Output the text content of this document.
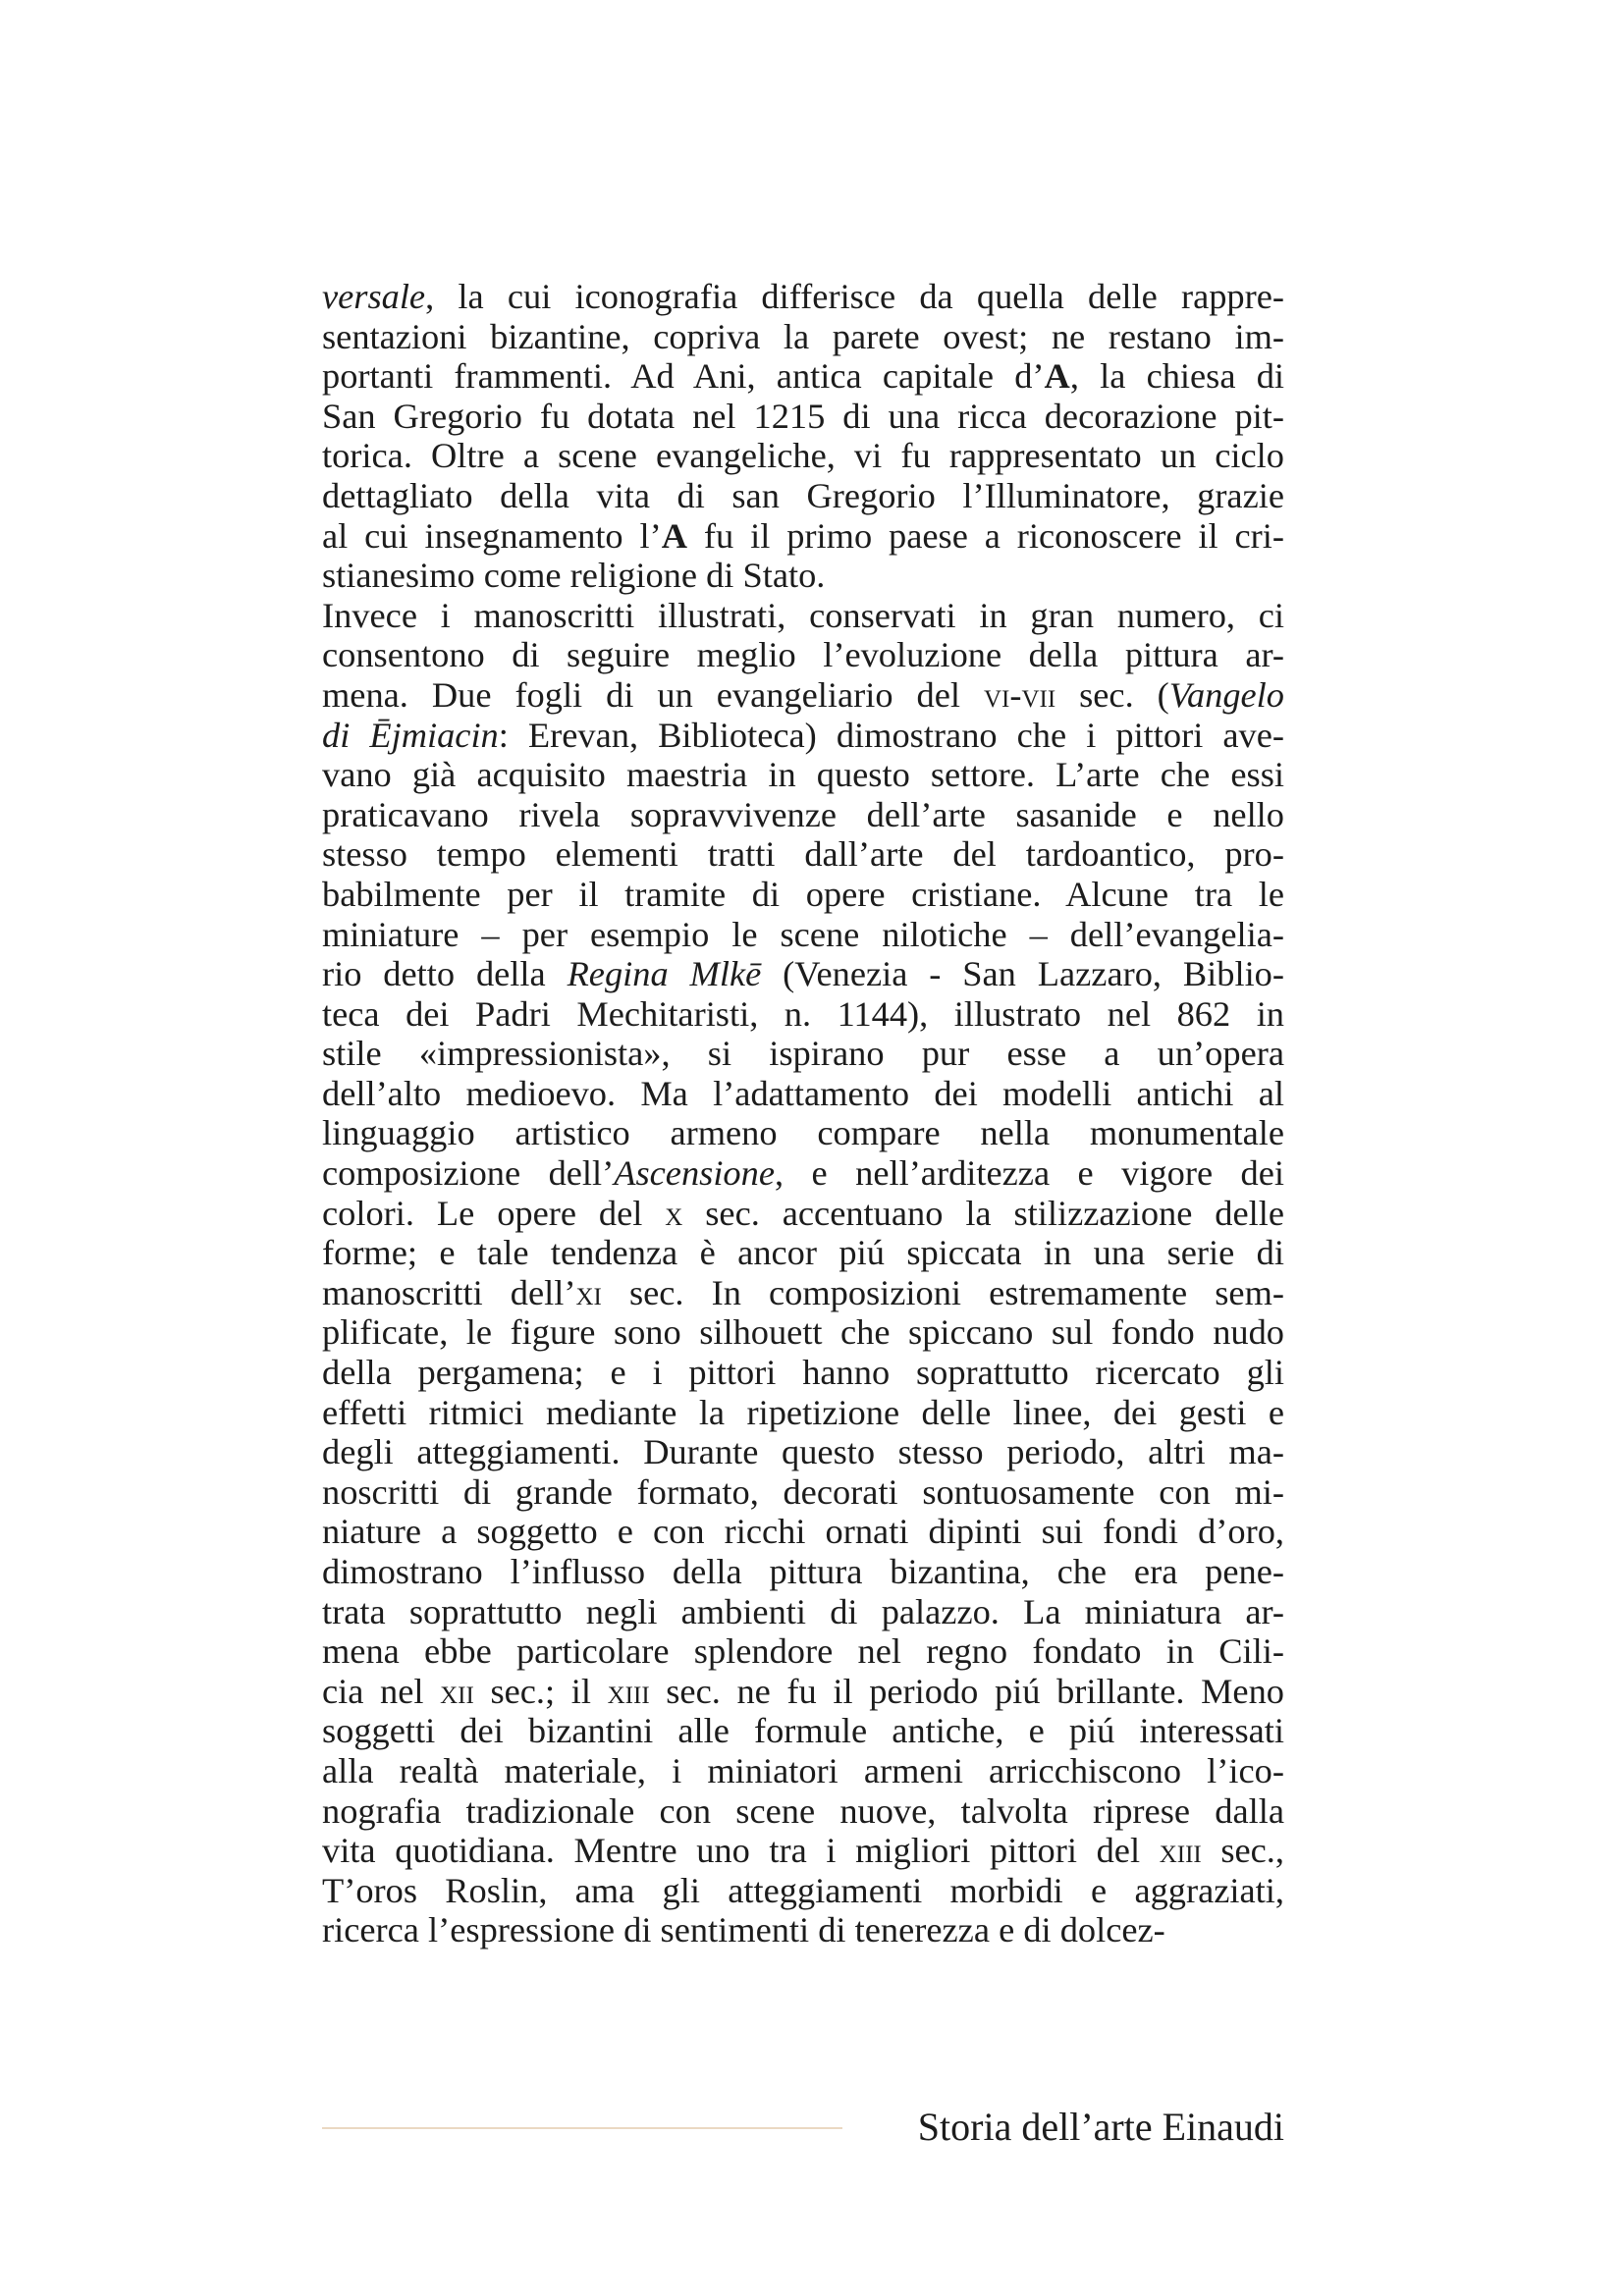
versale, la cui iconografia differisce da quella delle rappre-
sentazioni bizantine, copriva la parete ovest; ne restano im-
portanti frammenti. Ad Ani, antica capitale d’A, la chiesa di
San Gregorio fu dotata nel 1215 di una ricca decorazione pit-
torica. Oltre a scene evangeliche, vi fu rappresentato un ciclo
dettagliato della vita di san Gregorio l’Illuminatore, grazie
al cui insegnamento l’A fu il primo paese a riconoscere il cri-
stianesimo come religione di Stato.

Invece i manoscritti illustrati, conservati in gran numero, ci
consentono di seguire meglio l’evoluzione della pittura ar-
mena. Due fogli di un evangeliario del vi-vii sec. (Vangelo
di Ējmiacin: Erevan, Biblioteca) dimostrano che i pittori ave-
vano già acquisito maestria in questo settore. L’arte che essi
praticavano rivela sopravvivenze dell’arte sasanide e nello
stesso tempo elementi tratti dall’arte del tardoantico, pro-
babilmente per il tramite di opere cristiane. Alcune tra le
miniature – per esempio le scene nilotiche – dell’evangelia-
rio detto della Regina Mlkē (Venezia - San Lazzaro, Biblio-
teca dei Padri Mechitaristi, n. 1144), illustrato nel 862 in
stile «impressionista», si ispirano pur esse a un’opera
dell’alto medioevo. Ma l’adattamento dei modelli antichi al
linguaggio artistico armeno compare nella monumentale
composizione dell’Ascensione, e nell’arditezza e vigore dei
colori. Le opere del x sec. accentuano la stilizzazione delle
forme; e tale tendenza è ancor piú spiccata in una serie di
manoscritti dell’xi sec. In composizioni estremamente sem-
plificate, le figure sono silhouett che spiccano sul fondo nudo
della pergamena; e i pittori hanno soprattutto ricercato gli
effetti ritmici mediante la ripetizione delle linee, dei gesti e
degli atteggiamenti. Durante questo stesso periodo, altri ma-
noscritti di grande formato, decorati sontuosamente con mi-
niature a soggetto e con ricchi ornati dipinti sui fondi d’oro,
dimostrano l’influsso della pittura bizantina, che era pene-
trata soprattutto negli ambienti di palazzo. La miniatura ar-
mena ebbe particolare splendore nel regno fondato in Cili-
cia nel xii sec.; il xiii sec. ne fu il periodo piú brillante. Meno
soggetti dei bizantini alle formule antiche, e piú interessati
alla realtà materiale, i miniatori armeni arricchiscono l’ico-
nografia tradizionale con scene nuove, talvolta riprese dalla
vita quotidiana. Mentre uno tra i migliori pittori del xiii sec.,
T’oros Roslin, ama gli atteggiamenti morbidi e aggraziati,
ricerca l’espressione di sentimenti di tenerezza e di dolcez-

Storia dell’arte Einaudi
